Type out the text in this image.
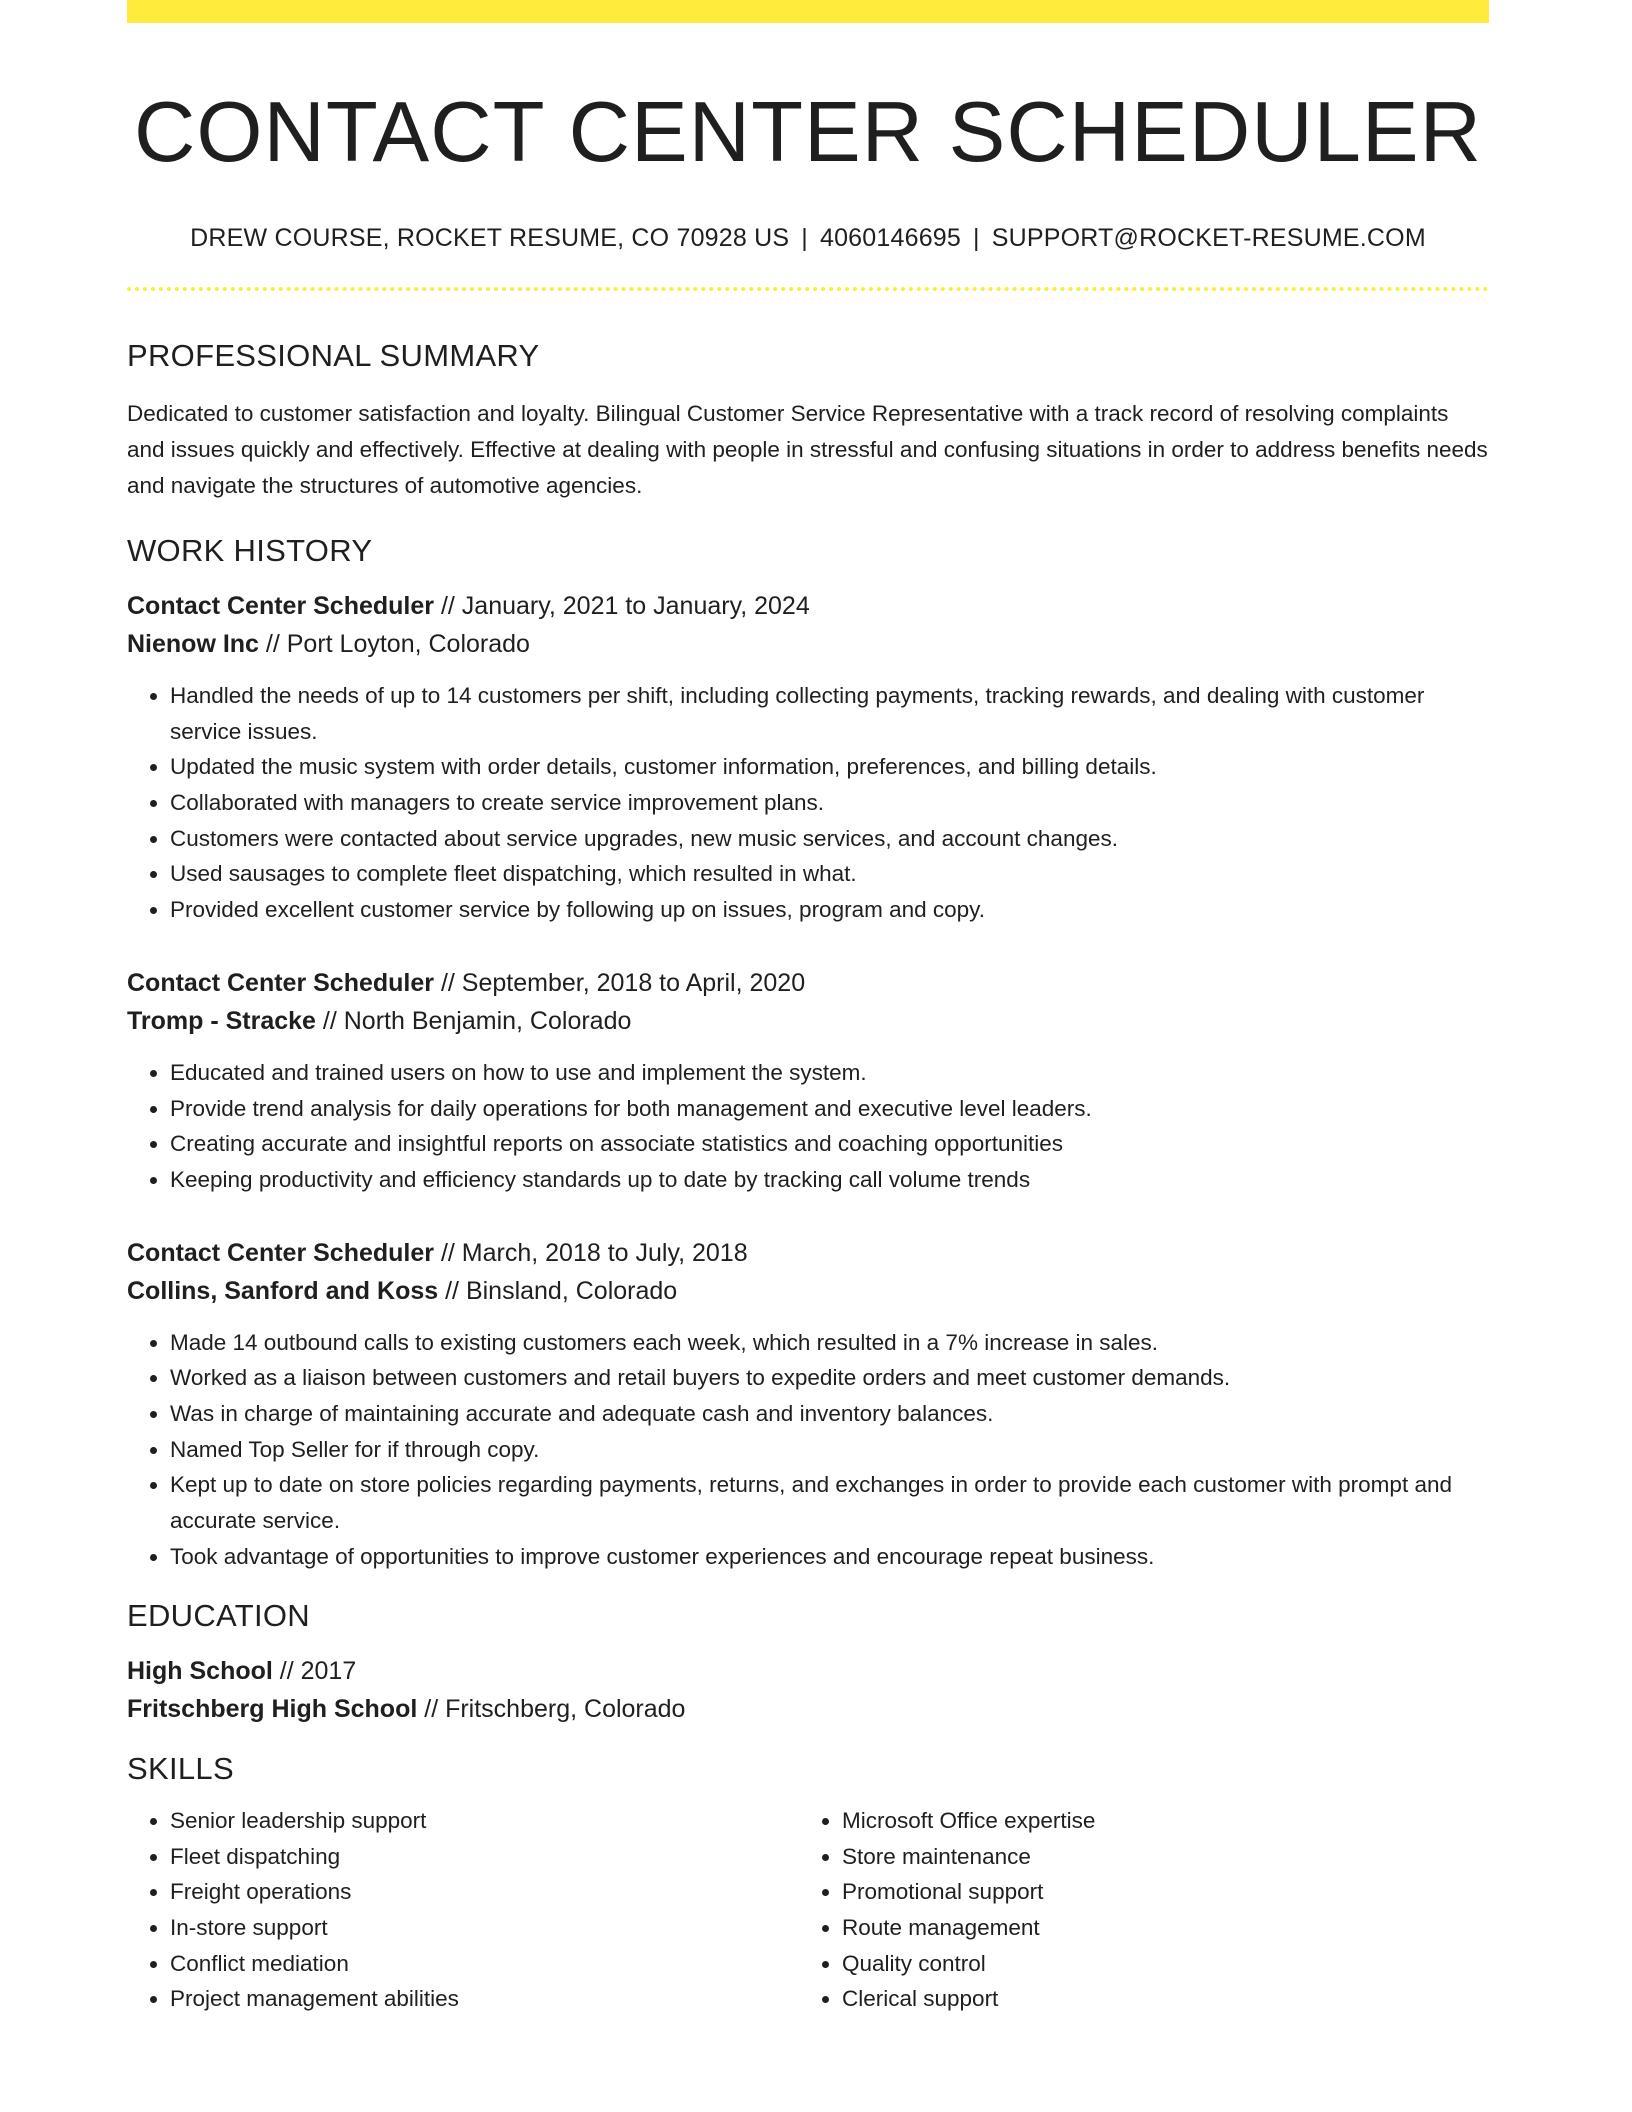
CONTACT CENTER SCHEDULER
DREW COURSE, ROCKET RESUME, CO 70928 US | 4060146695 | SUPPORT@ROCKET-RESUME.COM
PROFESSIONAL SUMMARY

Dedicated to customer satisfaction and loyalty. Bilingual Customer Service Representative with a track record of resolving complaints and issues quickly and effectively. Effective at dealing with people in stressful and confusing situations in order to address benefits needs and navigate the structures of automotive agencies.

WORK HISTORY
Contact Center Scheduler // January, 2021 to January, 2024
Nienow Inc // Port Loyton, Colorado
• Handled the needs of up to 14 customers per shift, including collecting payments, tracking rewards, and dealing with customer service issues.
• Updated the music system with order details, customer information, preferences, and billing details.
• Collaborated with managers to create service improvement plans.
• Customers were contacted about service upgrades, new music services, and account changes.
• Used sausages to complete fleet dispatching, which resulted in what.
• Provided excellent customer service by following up on issues, program and copy.
Contact Center Scheduler // September, 2018 to April, 2020
Tromp - Stracke // North Benjamin, Colorado
• Educated and trained users on how to use and implement the system.
• Provide trend analysis for daily operations for both management and executive level leaders.
• Creating accurate and insightful reports on associate statistics and coaching opportunities
• Keeping productivity and efficiency standards up to date by tracking call volume trends
Contact Center Scheduler // March, 2018 to July, 2018
Collins, Sanford and Koss // Binsland, Colorado
• Made 14 outbound calls to existing customers each week, which resulted in a 7% increase in sales.
• Worked as a liaison between customers and retail buyers to expedite orders and meet customer demands.
• Was in charge of maintaining accurate and adequate cash and inventory balances.
• Named Top Seller for if through copy.
• Kept up to date on store policies regarding payments, returns, and exchanges in order to provide each customer with prompt and accurate service.
• Took advantage of opportunities to improve customer experiences and encourage repeat business.
EDUCATION
High School // 2017
Fritschberg High School // Fritschberg, Colorado
SKILLS
• Senior leadership support
• Fleet dispatching
• Freight operations
• In-store support
• Conflict mediation
• Project management abilities
• Microsoft Office expertise
• Store maintenance
• Promotional support
• Route management
• Quality control
• Clerical support
